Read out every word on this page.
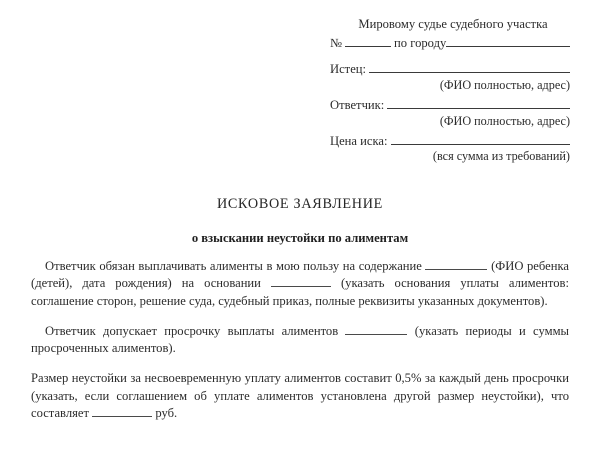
Мировому судье судебного участка
№	по городу
Истец:
(ФИО полностью, адрес)
Ответчик:
(ФИО полностью, адрес)
Цена иска:
(вся сумма из требований)
ИСКОВОЕ ЗАЯВЛЕНИЕ
о взыскании неустойки по алиментам

Ответчик обязан выплачивать алименты в мою пользу на содержание	(ФИО ребенка (детей), дата рождения) на основании	(указать основания уплаты алиментов: соглашение сторон, решение суда, судебный приказ, полные реквизиты указанных документов).

Ответчик допускает просрочку выплаты алиментов	(указать периоды и суммы просроченных алиментов).

Размер неустойки за несвоевременную уплату алиментов составит 0,5% за каждый день просрочки (указать, если соглашением об уплате алиментов установлена другой размер неустойки), что составляет	руб.
